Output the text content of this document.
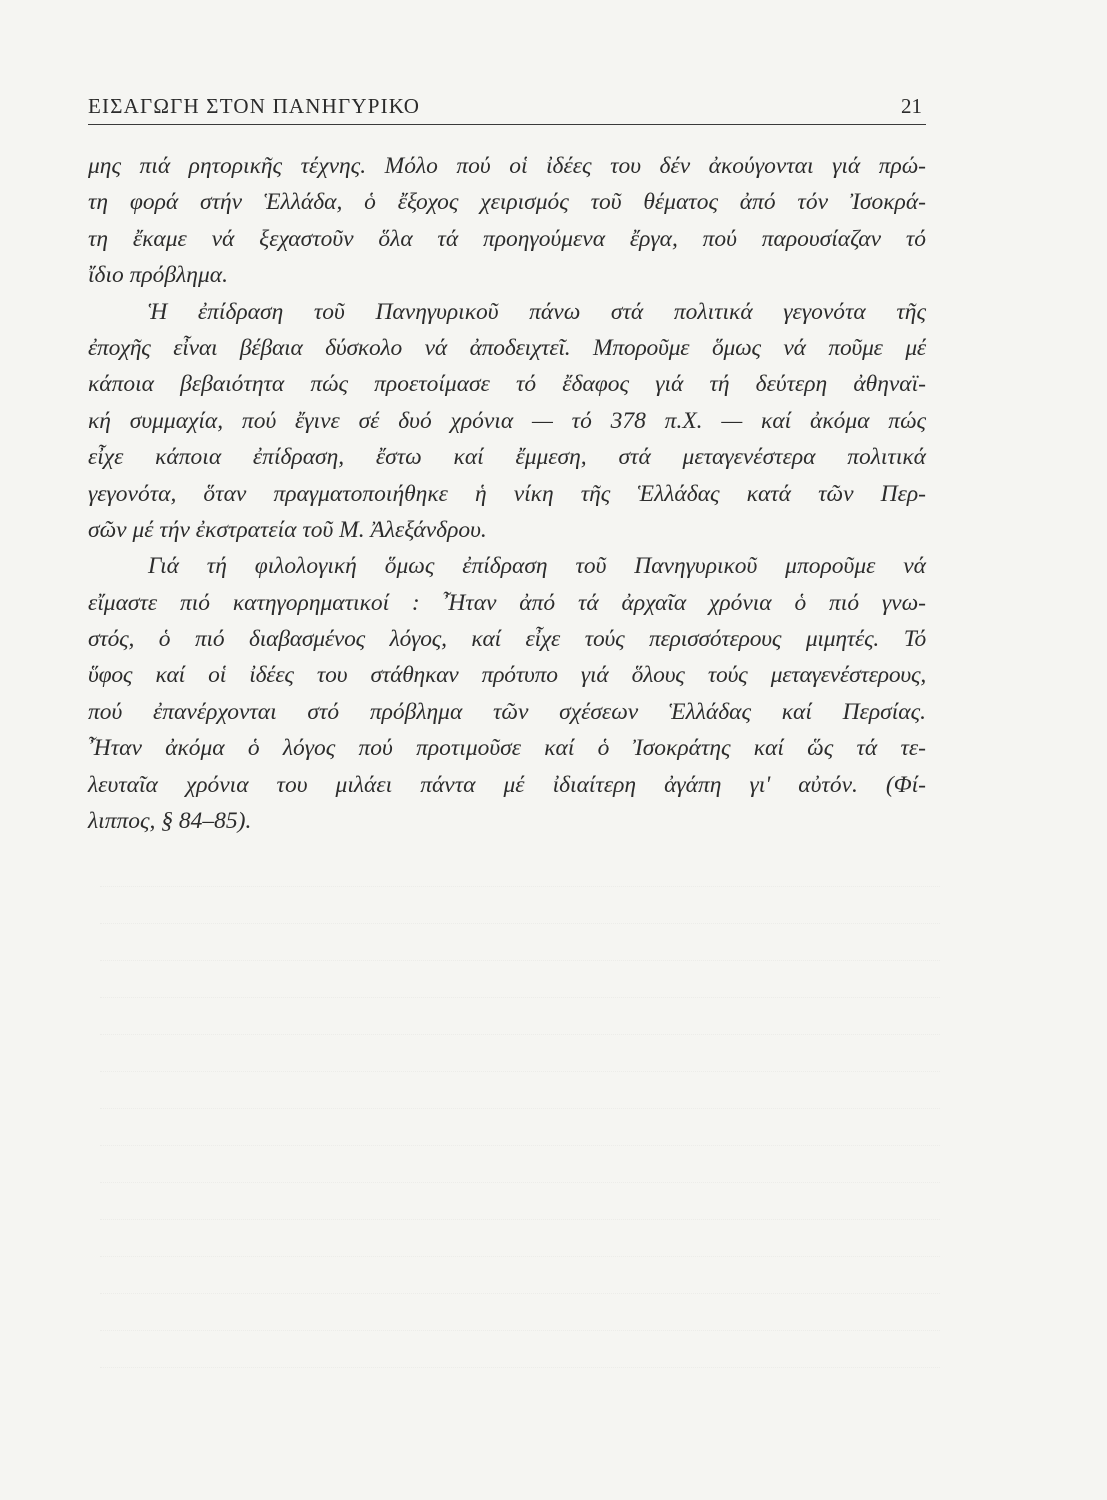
ΕΙΣΑΓΩΓΗ ΣΤΟΝ ΠΑΝΗΓΥΡΙΚΟ	21
μης πιά ρητορικῆς τέχνης. Μόλο πού οἱ ἰδέες του δέν ἀκούγονται γιά πρώ-
τη φορά στήν Ἑλλάδα, ὁ ἔξοχος χειρισμός τοῦ θέματος ἀπό τόν Ἰσοκρά-
τη ἔκαμε νά ξεχαστοῦν ὅλα τά προηγούμενα ἔργα, πού παρουσίαζαν τό
ἴδιο πρόβλημα.
Ἡ ἐπίδραση τοῦ Πανηγυρικοῦ πάνω στά πολιτικά γεγονότα τῆς
ἐποχῆς εἶναι βέβαια δύσκολο νά ἀποδειχτεῖ. Μποροῦμε ὅμως νά ποῦμε μέ
κάποια βεβαιότητα πώς προετοίμασε τό ἔδαφος γιά τή δεύτερη ἀθηναϊ-
κή συμμαχία, πού ἔγινε σέ δυό χρόνια — τό 378 π.Χ. — καί ἀκόμα πώς
εἶχε κάποια ἐπίδραση, ἔστω καί ἔμμεση, στά μεταγενέστερα πολιτικά
γεγονότα, ὅταν πραγματοποιήθηκε ἡ νίκη τῆς Ἑλλάδας κατά τῶν Περ-
σῶν μέ τήν ἐκστρατεία τοῦ Μ. Ἀλεξάνδρου.
Γιά τή φιλολογική ὅμως ἐπίδραση τοῦ Πανηγυρικοῦ μποροῦμε νά
εἴμαστε πιό κατηγορηματικοί : Ἦταν ἀπό τά ἀρχαῖα χρόνια ὁ πιό γνω-
στός, ὁ πιό διαβασμένος λόγος, καί εἶχε τούς περισσότερους μιμητές. Τό
ὕφος καί οἱ ἰδέες του στάθηκαν πρότυπο γιά ὅλους τούς μεταγενέστερους,
πού ἐπανέρχονται στό πρόβλημα τῶν σχέσεων Ἑλλάδας καί Περσίας.
Ἦταν ἀκόμα ὁ λόγος πού προτιμοῦσε καί ὁ Ἰσοκράτης καί ὥς τά τε-
λευταῖα χρόνια του μιλάει πάντα μέ ἰδιαίτερη ἀγάπη γι' αὐτόν. (Φί-
λιππος, § 84–85).
